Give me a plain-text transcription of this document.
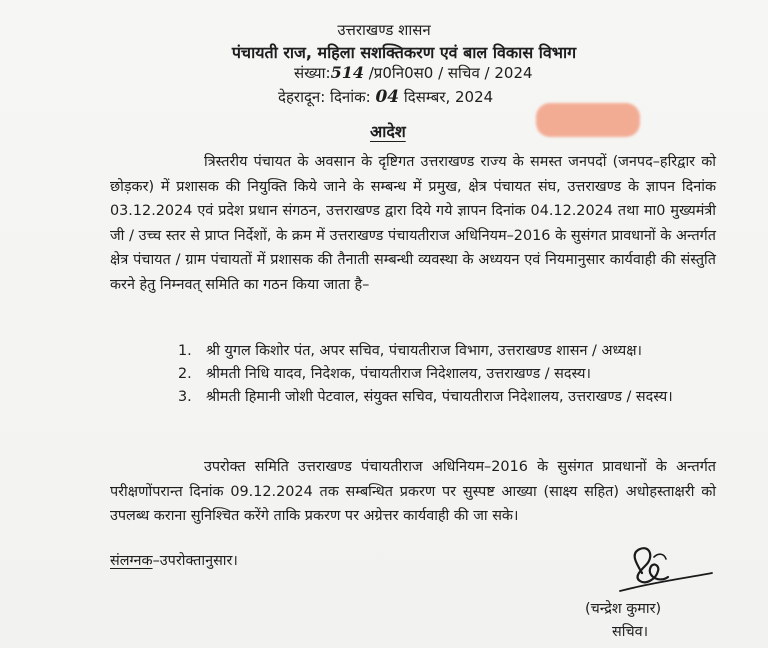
उत्तराखण्ड शासन
पंचायती राज, महिला सशक्तिकरण एवं बाल विकास विभाग
संख्या:514 /प्र0नि0स0 / सचिव / 2024
देहरादून: दिनांक: 04 दिसम्बर, 2024
आदेश

त्रिस्तरीय पंचायत के अवसान के दृष्टिगत उत्तराखण्ड राज्य के समस्त जनपदों (जनपद–हरिद्वार को छोड़कर) में प्रशासक की नियुक्ति किये जाने के सम्बन्ध में प्रमुख, क्षेत्र पंचायत संघ, उत्तराखण्ड के ज्ञापन दिनांक 03.12.2024 एवं प्रदेश प्रधान संगठन, उत्तराखण्ड द्वारा दिये गये ज्ञापन दिनांक 04.12.2024 तथा मा0 मुख्यमंत्री जी / उच्च स्तर से प्राप्त निर्देशों, के क्रम में उत्तराखण्ड पंचायतीराज अधिनियम–2016 के सुसंगत प्रावधानों के अन्तर्गत क्षेत्र पंचायत / ग्राम पंचायतों में प्रशासक की तैनाती सम्बन्धी व्यवस्था के अध्ययन एवं नियमानुसार कार्यवाही की संस्तुति करने हेतु निम्नवत् समिति का गठन किया जाता है–

1. श्री युगल किशोर पंत, अपर सचिव, पंचायतीराज विभाग, उत्तराखण्ड शासन / अध्यक्ष।
2. श्रीमती निधि यादव, निदेशक, पंचायतीराज निदेशालय, उत्तराखण्ड / सदस्य।
3. श्रीमती हिमानी जोशी पेटवाल, संयुक्त सचिव, पंचायतीराज निदेशालय, उत्तराखण्ड / सदस्य।

उपरोक्त समिति उत्तराखण्ड पंचायतीराज अधिनियम–2016 के सुसंगत प्रावधानों के अन्तर्गत परीक्षणोंपरान्त दिनांक 09.12.2024 तक सम्बन्धित प्रकरण पर सुस्पष्ट आख्या (साक्ष्य सहित) अधोहस्ताक्षरी को उपलब्ध कराना सुनिश्चित करेंगे ताकि प्रकरण पर अग्रेत्तर कार्यवाही की जा सके।

संलग्नक–उपरोक्तानुसार।
(चन्द्रेश कुमार)
सचिव।
